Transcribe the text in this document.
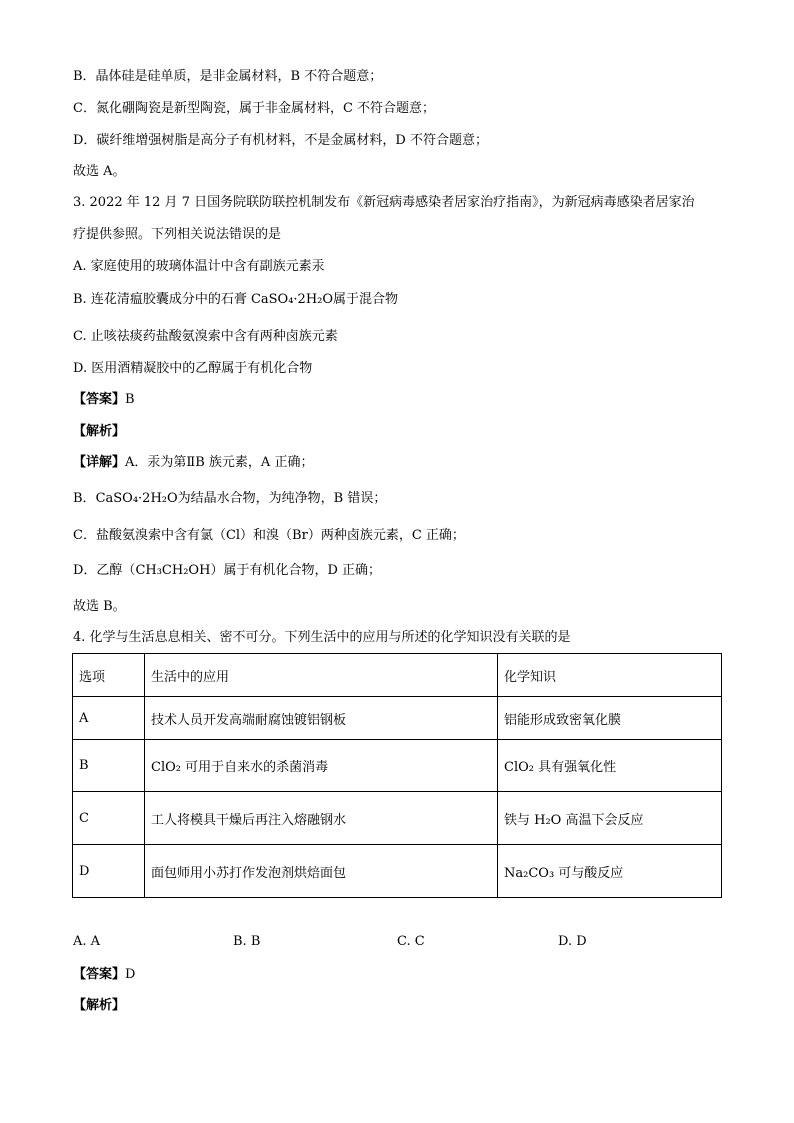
B．晶体硅是硅单质，是非金属材料，B 不符合题意；
C．氮化硼陶瓷是新型陶瓷，属于非金属材料，C 不符合题意；
D．碳纤维增强树脂是高分子有机材料，不是金属材料，D 不符合题意；
故选 A。
3. 2022 年 12 月 7 日国务院联防联控机制发布《新冠病毒感染者居家治疗指南》，为新冠病毒感染者居家治
疗提供参照。下列相关说法错误的是
A. 家庭使用的玻璃体温计中含有副族元素汞
B. 连花清瘟胶囊成分中的石膏 CaSO₄·2H₂O属于混合物
C. 止咳祛痰药盐酸氨溴索中含有两种卤族元素
D. 医用酒精凝胶中的乙醇属于有机化合物
【答案】B
【解析】
【详解】A．汞为第ⅡB 族元素，A 正确；
B．CaSO₄·2H₂O为结晶水合物，为纯净物，B 错误；
C．盐酸氨溴索中含有氯（Cl）和溴（Br）两种卤族元素，C 正确；
D．乙醇（CH₃CH₂OH）属于有机化合物，D 正确；
故选 B。
4. 化学与生活息息相关、密不可分。下列生活中的应用与所述的化学知识没有关联的是
选项	生活中的应用	化学知识
A	技术人员开发高端耐腐蚀镀铝钢板	铝能形成致密氧化膜
B	ClO₂ 可用于自来水的杀菌消毒	ClO₂ 具有强氧化性
C	工人将模具干燥后再注入熔融钢水	铁与 H₂O 高温下会反应
D	面包师用小苏打作发泡剂烘焙面包	Na₂CO₃ 可与酸反应
A. A	B. B	C. C	D. D
【答案】D
【解析】
